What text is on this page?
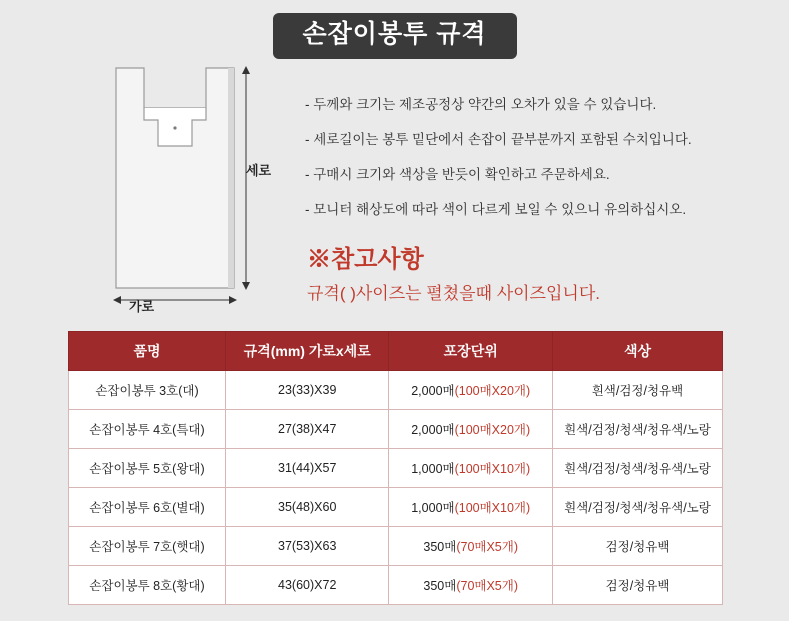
손잡이봉투 규격
세로
가로
- 두께와 크기는 제조공정상 약간의 오차가 있을 수 있습니다.
- 세로길이는 봉투 밑단에서 손잡이 끝부분까지 포함된 수치입니다.
- 구매시 크기와 색상을 반듯이 확인하고 주문하세요.
- 모니터 해상도에 따라 색이 다르게 보일 수 있으니 유의하십시오.
※참고사항
규격( )사이즈는 펼쳤을때 사이즈입니다.
품명	규격(mm) 가로x세로	포장단위	색상
손잡이봉투 3호(대)	23(33)X39	2,000매(100매X20개)	흰색/검정/청유백
손잡이봉투 4호(특대)	27(38)X47	2,000매(100매X20개)	흰색/검정/청색/청유색/노랑
손잡이봉투 5호(왕대)	31(44)X57	1,000매(100매X10개)	흰색/검정/청색/청유색/노랑
손잡이봉투 6호(별대)	35(48)X60	1,000매(100매X10개)	흰색/검정/청색/청유색/노랑
손잡이봉투 7호(햇대)	37(53)X63	350매(70매X5개)	검정/청유백
손잡이봉투 8호(황대)	43(60)X72	350매(70매X5개)	검정/청유백
